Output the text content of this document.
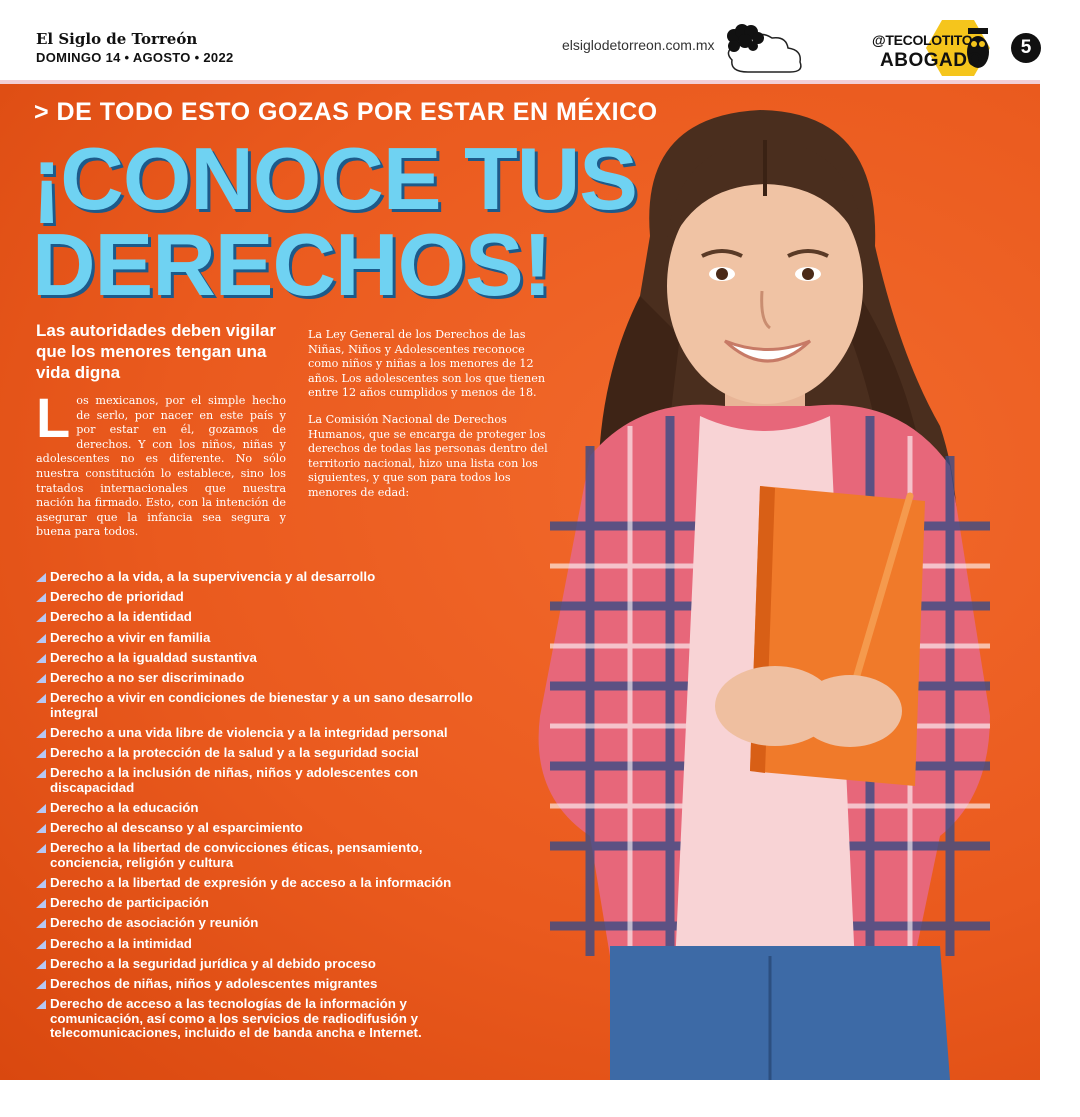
El Siglo de Torreón
DOMINGO 14 • AGOSTO • 2022
elsiglodetorreon.com.mx	@TECOLOTITO
ABOGADO
5
> DE TODO ESTO GOZAS POR ESTAR EN MÉXICO
¡CONOCE TUS
DERECHOS!
Las autoridades deben vigilar que los menores tengan una vida digna

L os mexicanos, por el simple hecho de serlo, por nacer en este país y por estar en él, gozamos de derechos. Y con los niños, niñas y adolescentes no es diferente. No sólo nuestra constitución lo establece, sino los tratados internacionales que nuestra nación ha firmado. Esto, con la intención de asegurar que la infancia sea segura y buena para todos.

La Ley General de los Derechos de las Niñas, Niños y Adolescentes reconoce como niños y niñas a los menores de 12 años. Los adolescentes son los que tienen entre 12 años cumplidos y menos de 18.

La Comisión Nacional de Derechos Humanos, que se encarga de proteger los derechos de todas las personas dentro del territorio nacional, hizo una lista con los siguientes, y que son para todos los menores de edad:

Derecho a la vida, a la supervivencia y al desarrollo
Derecho de prioridad
Derecho a la identidad
Derecho a vivir en familia
Derecho a la igualdad sustantiva
Derecho a no ser discriminado
Derecho a vivir en condiciones de bienestar y a un sano desarrollo integral
Derecho a una vida libre de violencia y a la integridad personal
Derecho a la protección de la salud y a la seguridad social
Derecho a la inclusión de niñas, niños y adolescentes con discapacidad
Derecho a la educación
Derecho al descanso y al esparcimiento
Derecho a la libertad de convicciones éticas, pensamiento, conciencia, religión y cultura
Derecho a la libertad de expresión y de acceso a la información
Derecho de participación
Derecho de asociación y reunión
Derecho a la intimidad
Derecho a la seguridad jurídica y al debido proceso
Derechos de niñas, niños y adolescentes migrantes
Derecho de acceso a las tecnologías de la información y comunicación, así como a los servicios de radiodifusión y telecomunicaciones, incluido el de banda ancha e Internet.
